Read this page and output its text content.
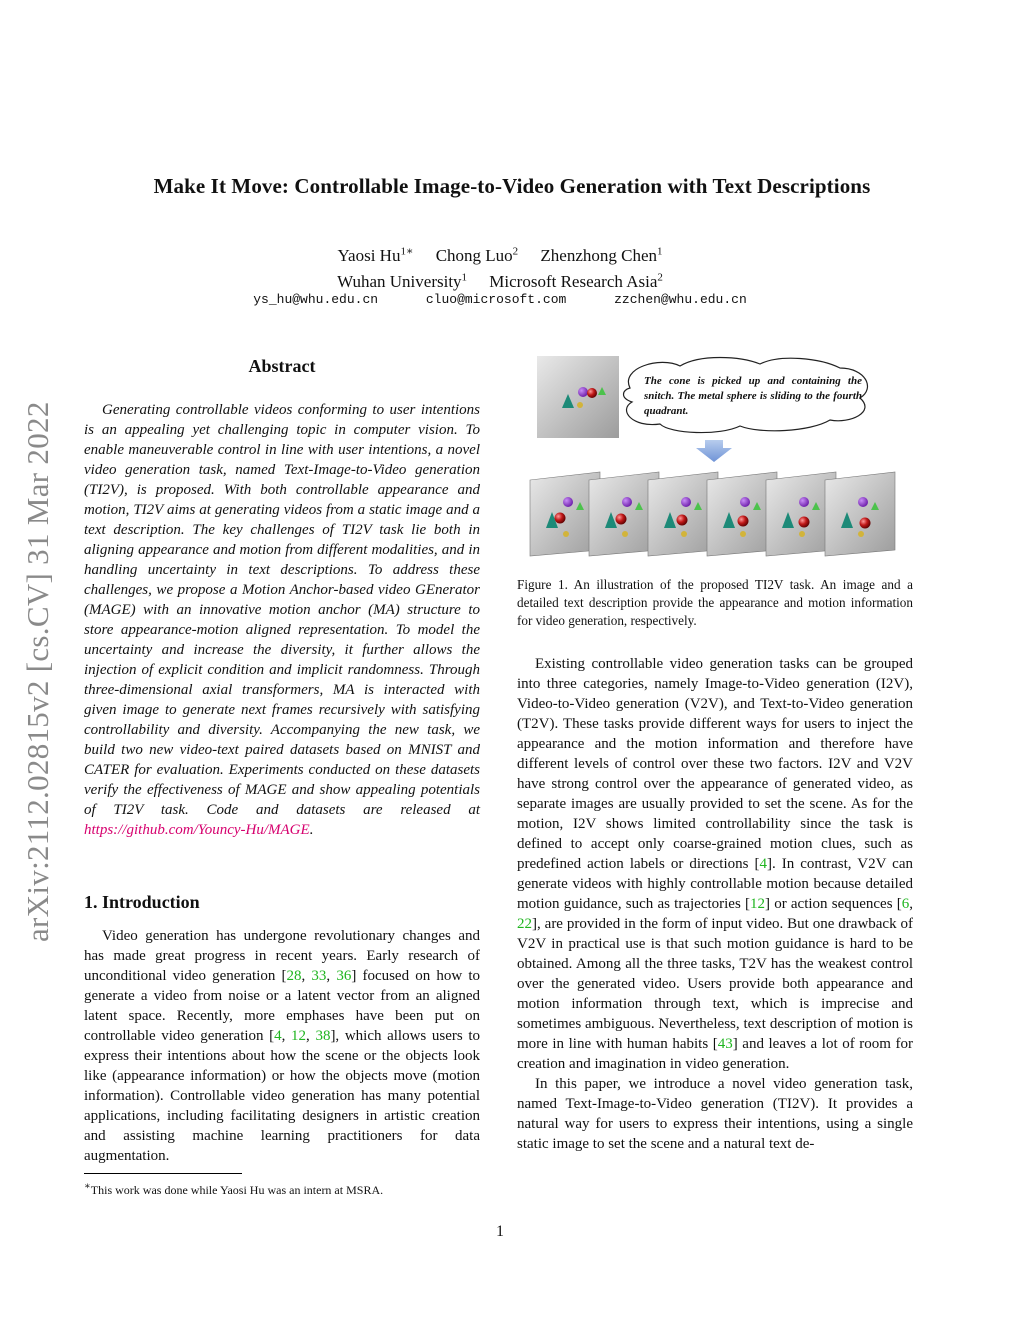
arXiv:2112.02815v2 [cs.CV] 31 Mar 2022
Make It Move: Controllable Image-to-Video Generation with Text Descriptions
Yaosi $Hu^{1∗}$ Chong Luo$^2$ Zhenzhong Chen$^1$
Wuhan University$^1$ Microsoft Research Asia$^2$
ys_hu@whu.edu.cn	cluo@microsoft.com	zzchen@whu.edu.cn
Abstract

Generating controllable videos conforming to user intentions is an appealing yet challenging topic in computer vision. To enable maneuverable control in line with user intentions, a novel video generation task, named Text-Image-to-Video generation (TI2V), is proposed. With both controllable appearance and motion, TI2V aims at generating videos from a static image and a text description. The key challenges of TI2V task lie both in aligning appearance and motion from different modalities, and in handling uncertainty in text descriptions. To address these challenges, we propose a Motion Anchor-based video GEnerator (MAGE) with an innovative motion anchor (MA) structure to store appearance-motion aligned representation. To model the uncertainty and increase the diversity, it further allows the injection of explicit condition and implicit randomness. Through three-dimensional axial transformers, MA is interacted with given image to generate next frames recursively with satisfying controllability and diversity. Accompanying the new task, we build two new video-text paired datasets based on MNIST and CATER for evaluation. Experiments conducted on these datasets verify the effectiveness of MAGE and show appealing potentials of TI2V task. Code and datasets are released at https://github.com/Youncy-Hu/MAGE.

1. Introduction

Video generation has undergone revolutionary changes and has made great progress in recent years. Early research of unconditional video generation [28, 33, 36] focused on how to generate a video from noise or a latent vector from an aligned latent space. Recently, more emphases have been put on controllable video generation [4, 12, 38], which allows users to express their intentions about how the scene or the objects look like (appearance information) or how the objects move (motion information). Controllable video generation has many potential applications, including facilitating designers in artistic creation and assisting machine learning practitioners for data augmentation.

∗This work was done while Yaosi Hu was an intern at MSRA.
The cone is picked up and containing the snitch. The metal sphere is sliding to the fourth quadrant.
Figure 1. An illustration of the proposed TI2V task. An image and a detailed text description provide the appearance and motion information for video generation, respectively.

Existing controllable video generation tasks can be grouped into three categories, namely Image-to-Video generation (I2V), Video-to-Video generation (V2V), and Text-to-Video generation (T2V). These tasks provide different ways for users to inject the appearance and the motion information and therefore have different levels of control over these two factors. I2V and V2V have strong control over the appearance of generated video, as separate images are usually provided to set the scene. As for the motion, I2V shows limited controllability since the task is defined to accept only coarse-grained motion clues, such as predefined action labels or directions [4]. In contrast, V2V can generate videos with highly controllable motion because detailed motion guidance, such as trajectories [12] or action sequences [6, 22], are provided in the form of input video. But one drawback of V2V in practical use is that such motion guidance is hard to be obtained. Among all the three tasks, T2V has the weakest control over the generated video. Users provide both appearance and motion information through text, which is imprecise and sometimes ambiguous. Nevertheless, text description of motion is more in line with human habits [43] and leaves a lot of room for creation and imagination in video generation.

In this paper, we introduce a novel video generation task, named Text-Image-to-Video generation (TI2V). It provides a natural way for users to express their intentions, using a single static image to set the scene and a natural text de-

1
